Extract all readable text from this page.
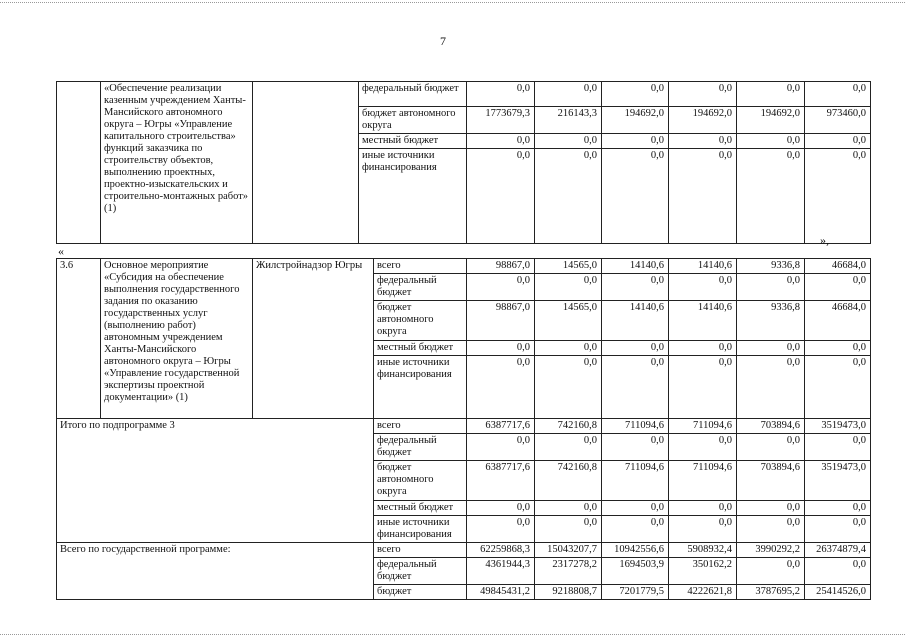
7
	«Обеспечение реализации казенным учреждением Ханты-Мансийского автономного округа – Югры «Управление капитального строительства» функций заказчика по строительству объектов, выполнению проектных, проектно-изыскательских и строительно-монтажных работ» (1)		федеральный бюджет	0,0	0,0	0,0	0,0	0,0	0,0
			бюджет автономного округа	1773679,3	216143,3	194692,0	194692,0	194692,0	973460,0
			местный бюджет	0,0	0,0	0,0	0,0	0,0	0,0
			иные источники финансирования	0,0	0,0	0,0	0,0	0,0	0,0
»,
«
3.6	Основное мероприятие «Субсидия на обеспечение выполнения государственного задания по оказанию государственных услуг (выполнению работ) автономным учреждением Ханты-Мансийского автономного округа – Югры «Управление государственной экспертизы проектной документации» (1)	Жилстройнадзор Югры	всего	98867,0	14565,0	14140,6	14140,6	9336,8	46684,0
			федеральный бюджет	0,0	0,0	0,0	0,0	0,0	0,0
			бюджет автономного округа	98867,0	14565,0	14140,6	14140,6	9336,8	46684,0
			местный бюджет	0,0	0,0	0,0	0,0	0,0	0,0
			иные источники финансирования	0,0	0,0	0,0	0,0	0,0	0,0
Итого по подпрограмме 3			всего	6387717,6	742160,8	711094,6	711094,6	703894,6	3519473,0
			федеральный бюджет	0,0	0,0	0,0	0,0	0,0	0,0
			бюджет автономного округа	6387717,6	742160,8	711094,6	711094,6	703894,6	3519473,0
			местный бюджет	0,0	0,0	0,0	0,0	0,0	0,0
			иные источники финансирования	0,0	0,0	0,0	0,0	0,0	0,0
Всего по государственной программе:			всего	62259868,3	15043207,7	10942556,6	5908932,4	3990292,2	26374879,4
			федеральный бюджет	4361944,3	2317278,2	1694503,9	350162,2	0,0	0,0
			бюджет	49845431,2	9218808,7	7201779,5	4222621,8	3787695,2	25414526,0
